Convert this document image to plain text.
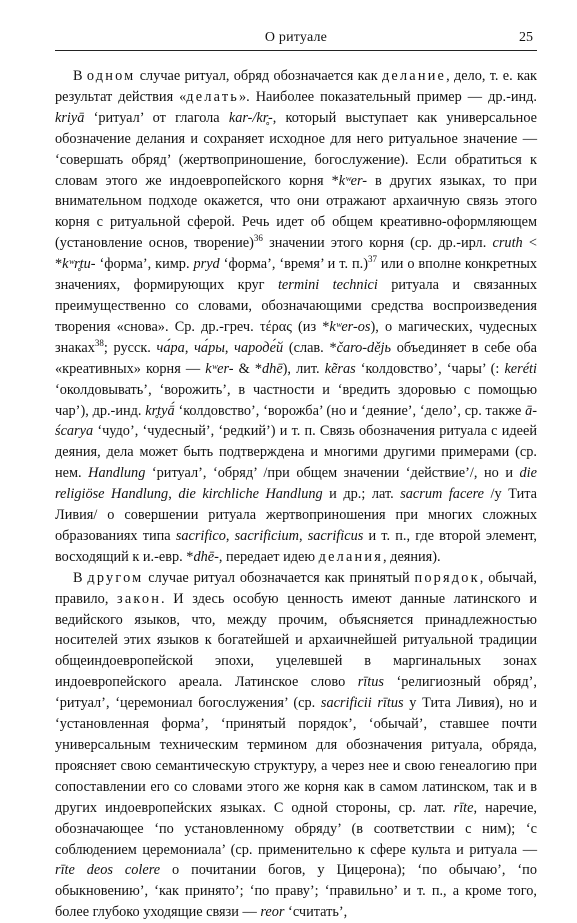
О ритуале	25

В одном случае ритуал, обряд обозначается как делание, дело, т. е. как результат действия «делать». Наиболее показательный пример — др.-инд. kriyā ‘ритуал’ от глагола kar-/kr̥-, который выступает как универсальное обозначение делания и сохраняет исходное для него ритуальное значение — ‘совершать обряд’ (жертвоприношение, богослужение). Если обратиться к словам этого же индоевропейского корня *kʷer- в других языках, то при внимательном подходе окажется, что они отражают архаичную связь этого корня с ритуальной сферой. Речь идет об общем креативно-оформляющем (установление основ, творение)$^{36}$ значении этого корня (ср. др.-ирл. cruth < *kʷr̥tu- ‘форма’, кимр. pryd ‘форма’, ‘время’ и т. п.)$^{37}$ или о вполне конкретных значениях, формирующих круг termini technici ритуала и связанных преимущественно со словами, обозначающими средства воспроизведения творения «снова». Ср. др.-греч. τέρας (из *kʷer-os), о магических, чудесных знаках$^{38}$; русск. ча́ра, ча́ры, чароде́й (слав. *čaro-dějь объединяет в себе оба «креативных» корня — kʷer- & *dhē), лит. kẽras ‘колдовство’, ‘чары’ (: keréti ‘околдовывать’, ‘ворожить’, в частности и ‘вредить здоровью с помощью чар’), др.-инд. kr̥tyā́ ‘колдовство’, ‘ворожба’ (но и ‘деяние’, ‘дело’, ср. также ā-ścarya ‘чудо’, ‘чудесный’, ‘редкий’) и т. п. Связь обозначения ритуала с идеей деяния, дела может быть подтверждена и многими другими примерами (ср. нем. Handlung ‘ритуал’, ‘обряд’ /при общем значении ‘действие’/, но и die religiöse Handlung, die kirchliche Handlung и др.; лат. sacrum facere /у Тита Ливия/ о совершении ритуала жертвоприношения при многих сложных образованиях типа sacrifico, sacrificium, sacrificus и т. п., где второй элемент, восходящий к и.-евр. *dhē-, передает идею делания, деяния).

В другом случае ритуал обозначается как принятый порядок, обычай, правило, закон. И здесь особую ценность имеют данные латинского и ведийского языков, что, между прочим, объясняется принадлежностью носителей этих языков к богатейшей и архаичнейшей ритуальной традиции общеиндоевропейской эпохи, уцелевшей в маргинальных зонах индоевропейского ареала. Латинское слово rītus ‘религиозный обряд’, ‘ритуал’, ‘церемониал богослужения’ (ср. sacrificii rītus у Тита Ливия), но и ‘установленная форма’, ‘принятый порядок’, ‘обычай’, ставшее почти универсальным техническим термином для обозначения ритуала, обряда, проясняет свою семантическую структуру, а через нее и свою генеалогию при сопоставлении его со словами этого же корня как в самом латинском, так и в других индоевропейских языках. С одной стороны, ср. лат. rīte, наречие, обозначающее ‘по установленному обряду’ (в соответствии с ним); ‘с соблюдением церемониала’ (ср. применительно к сфере культа и ритуала — rīte deos colere о почитании богов, у Цицерона); ‘по обычаю’, ‘по обыкновению’, ‘как принято’; ‘по праву’; ‘правильно’ и т. п., а кроме того, более глубоко уходящие связи — reor ‘считать’,
